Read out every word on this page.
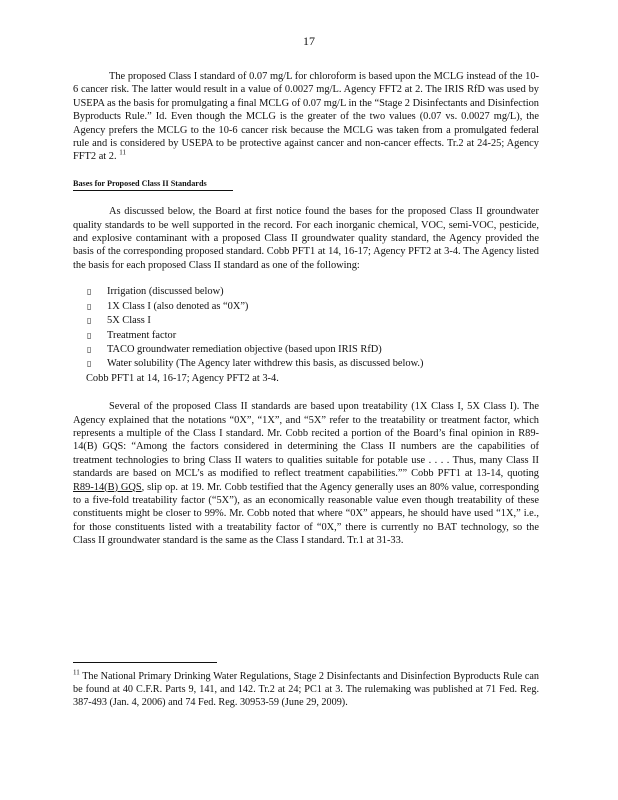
17

The proposed Class I standard of 0.07 mg/L for chloroform is based upon the MCLG instead of the 10-6 cancer risk. The latter would result in a value of 0.0027 mg/L. Agency FFT2 at 2. The IRIS RfD was used by USEPA as the basis for promulgating a final MCLG of 0.07 mg/L in the “Stage 2 Disinfectants and Disinfection Byproducts Rule.” Id. Even though the MCLG is the greater of the two values (0.07 vs. 0.0027 mg/L), the Agency prefers the MCLG to the 10-6 cancer risk because the MCLG was taken from a promulgated federal rule and is considered by USEPA to be protective against cancer and non-cancer effects. Tr.2 at 24-25; Agency FFT2 at 2. $^{11}$

Bases for Proposed Class II Standards

As discussed below, the Board at first notice found the bases for the proposed Class II groundwater quality standards to be well supported in the record. For each inorganic chemical, VOC, semi-VOC, pesticide, and explosive contaminant with a proposed Class II groundwater quality standard, the Agency provided the basis of the corresponding proposed standard. Cobb PFT1 at 14, 16-17; Agency PFT2 at 3-4. The Agency listed the basis for each proposed Class II standard as one of the following:

▯ Irrigation (discussed below)
▯ 1X Class I (also denoted as “0X”)
▯ 5X Class I
▯ Treatment factor
▯ TACO groundwater remediation objective (based upon IRIS RfD)
▯ Water solubility (The Agency later withdrew this basis, as discussed below.)
Cobb PFT1 at 14, 16-17; Agency PFT2 at 3-4.

Several of the proposed Class II standards are based upon treatability (1X Class I, 5X Class I). The Agency explained that the notations “0X”, “1X”, and “5X” refer to the treatability or treatment factor, which represents a multiple of the Class I standard. Mr. Cobb recited a portion of the Board’s final opinion in R89-14(B) GQS: “Among the factors considered in determining the Class II numbers are the capabilities of treatment technologies to bring Class II waters to qualities suitable for potable use . . . . Thus, many Class II standards are based on MCL’s as modified to reflect treatment capabilities.”” Cobb PFT1 at 13-14, quoting R89-14(B) GQS, slip op. at 19. Mr. Cobb testified that the Agency generally uses an 80% value, corresponding to a five-fold treatability factor (“5X”), as an economically reasonable value even though treatability of these constituents might be closer to 99%. Mr. Cobb noted that where “0X” appears, he should have used “1X,” i.e., for those constituents listed with a treatability factor of “0X,” there is currently no BAT technology, so the Class II groundwater standard is the same as the Class I standard. Tr.1 at 31-33.

$^{11}$ The National Primary Drinking Water Regulations, Stage 2 Disinfectants and Disinfection Byproducts Rule can be found at 40 C.F.R. Parts 9, 141, and 142. Tr.2 at 24; PC1 at 3. The rulemaking was published at 71 Fed. Reg. 387-493 (Jan. 4, 2006) and 74 Fed. Reg. 30953-59 (June 29, 2009).
